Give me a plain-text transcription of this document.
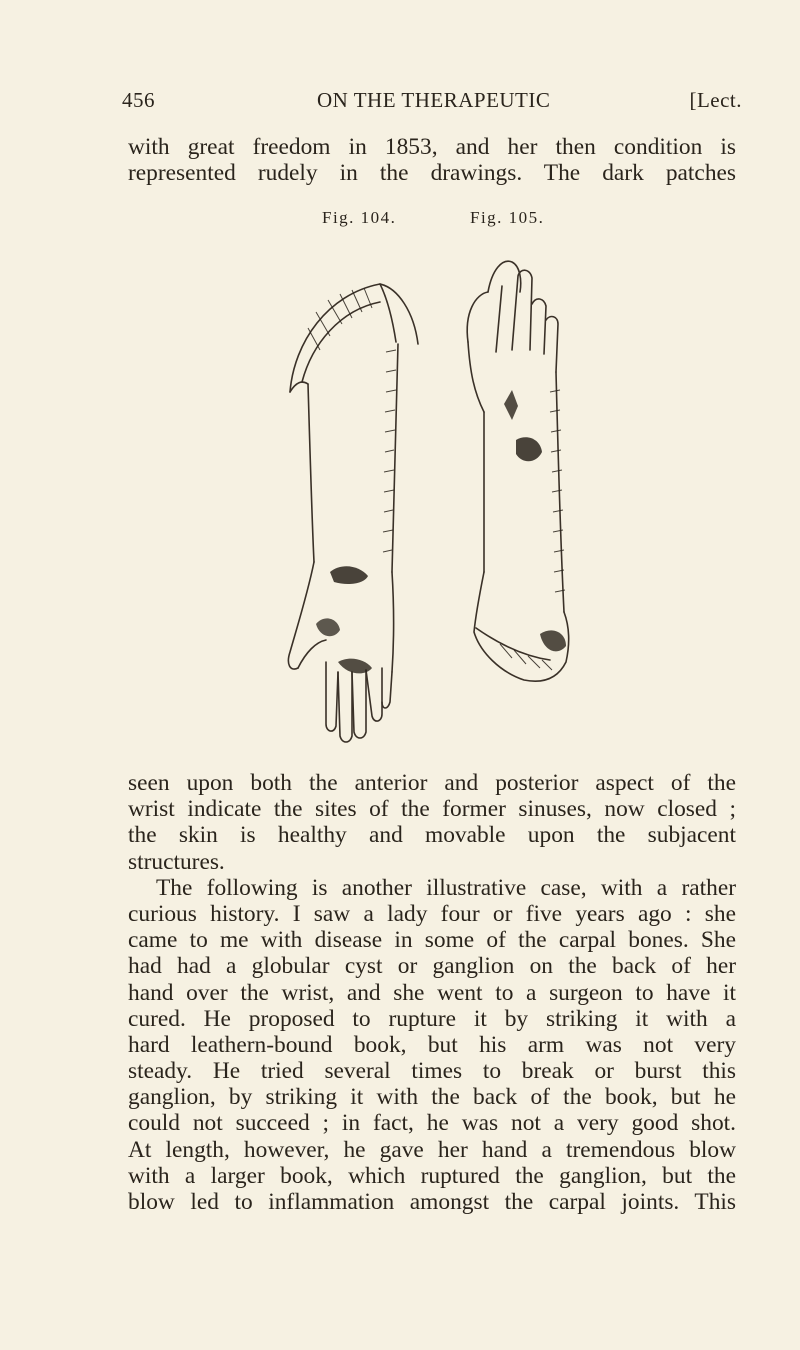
456	ON THE THERAPEUTIC	[Lect.
with great freedom in 1853, and her then condition is
represented rudely in the drawings. The dark patches
Fig. 104.	Fig. 105.
seen upon both the anterior and posterior aspect of the
wrist indicate the sites of the former sinuses, now closed ;
the skin is healthy and movable upon the subjacent
structures.
The following is another illustrative case, with a rather
curious history. I saw a lady four or five years ago : she
came to me with disease in some of the carpal bones. She
had had a globular cyst or ganglion on the back of her
hand over the wrist, and she went to a surgeon to have it
cured. He proposed to rupture it by striking it with a
hard leathern-bound book, but his arm was not very
steady. He tried several times to break or burst this
ganglion, by striking it with the back of the book, but he
could not succeed ; in fact, he was not a very good shot.
At length, however, he gave her hand a tremendous blow
with a larger book, which ruptured the ganglion, but the
blow led to inflammation amongst the carpal joints. This
